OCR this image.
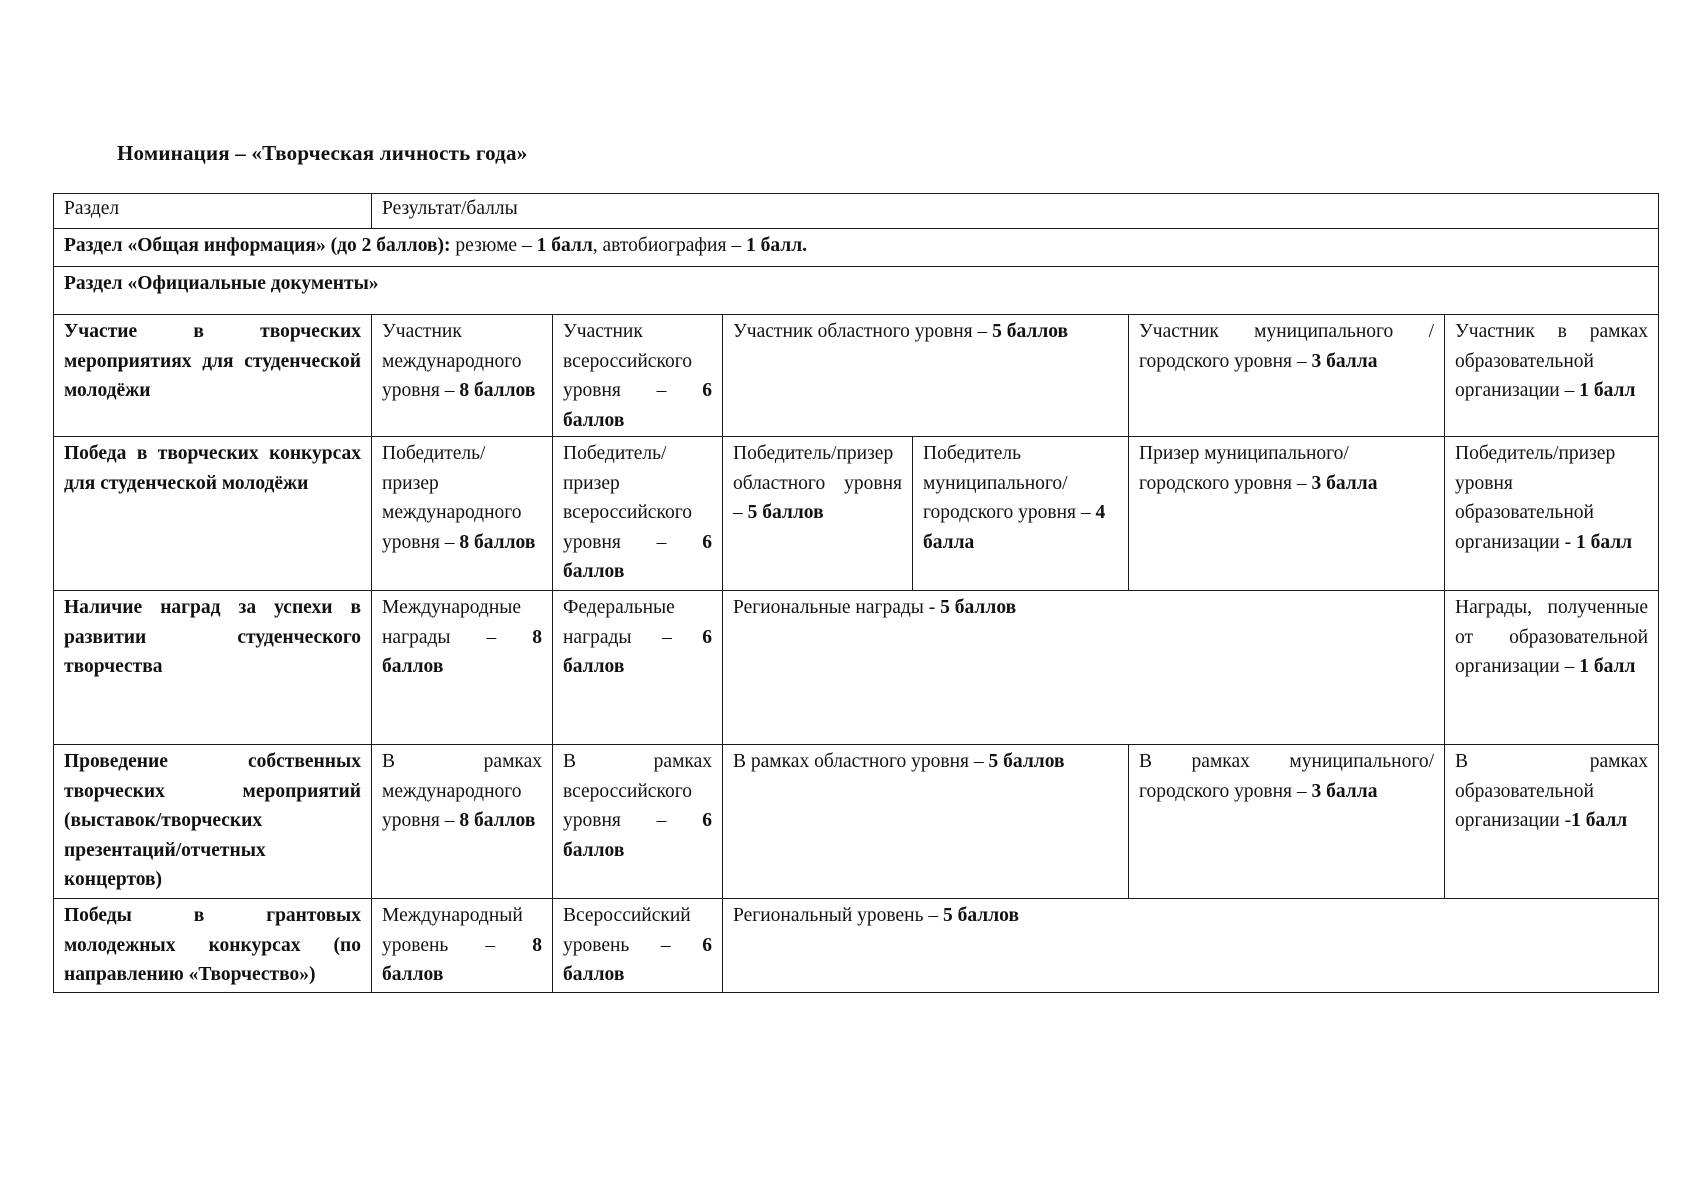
Номинация – «Творческая личность года»
Раздел	Результат/баллы					
Раздел «Общая информация» (до 2 баллов): резюме – 1 балл, автобиография – 1 балл.						
Раздел «Официальные документы»						
Участие в творческих мероприятиях для студенческой молодёжи	Участник международного уровня – 8 баллов	Участник всероссийского уровня – 6 баллов	Участник областного уровня – 5 баллов		Участник муниципального /городского уровня – 3 балла	Участник в рамках образовательной организации – 1 балл
Победа в творческих конкурсах для студенческой молодёжи	Победитель/призер международного уровня – 8 баллов	Победитель/призер всероссийского уровня – 6 баллов	Победитель/призер областного уровня – 5 баллов	Победитель муниципального/городского уровня – 4 балла	Призер муниципального/городского уровня – 3 балла	Победитель/призер уровня образовательной организации - 1 балл
Наличие наград за успехи в развитии студенческого творчества	Международные награды – 8 баллов	Федеральные награды – 6 баллов	Региональные награды - 5 баллов			Награды, полученные от образовательной организации – 1 балл
Проведение собственных творческих мероприятий (выставок/творческих презентаций/отчетных концертов)	В рамках международного уровня – 8 баллов	В рамках всероссийского уровня – 6 баллов	В рамках областного уровня – 5 баллов		В рамках муниципального/городского уровня – 3 балла	В рамках образовательной организации -1 балл
Победы в грантовых молодежных конкурсах (по направлению «Творчество»)	Международный уровень – 8 баллов	Всероссийский уровень – 6 баллов	Региональный уровень – 5 баллов			
